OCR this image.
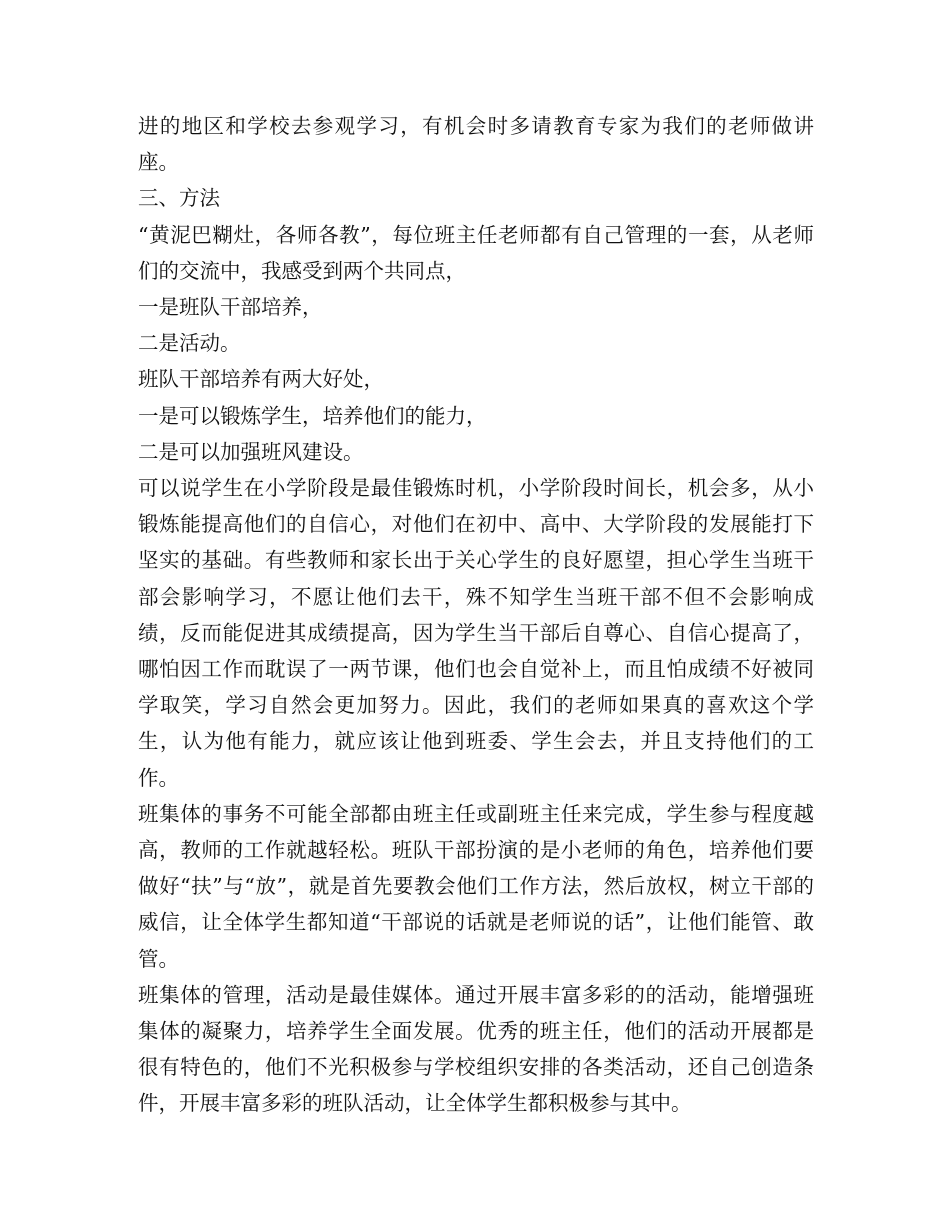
进的地区和学校去参观学习，有机会时多请教育专家为我们的老师做讲座。

三、方法

“黄泥巴糊灶，各师各教”，每位班主任老师都有自己管理的一套，从老师们的交流中，我感受到两个共同点，

一是班队干部培养，

二是活动。

班队干部培养有两大好处，

一是可以锻炼学生，培养他们的能力，

二是可以加强班风建设。

可以说学生在小学阶段是最佳锻炼时机，小学阶段时间长，机会多，从小锻炼能提高他们的自信心，对他们在初中、高中、大学阶段的发展能打下坚实的基础。有些教师和家长出于关心学生的良好愿望，担心学生当班干部会影响学习，不愿让他们去干，殊不知学生当班干部不但不会影响成绩，反而能促进其成绩提高，因为学生当干部后自尊心、自信心提高了，哪怕因工作而耽误了一两节课，他们也会自觉补上，而且怕成绩不好被同学取笑，学习自然会更加努力。因此，我们的老师如果真的喜欢这个学生，认为他有能力，就应该让他到班委、学生会去，并且支持他们的工作。

班集体的事务不可能全部都由班主任或副班主任来完成，学生参与程度越高，教师的工作就越轻松。班队干部扮演的是小老师的角色，培养他们要做好“扶”与“放”，就是首先要教会他们工作方法，然后放权，树立干部的威信，让全体学生都知道“干部说的话就是老师说的话”，让他们能管、敢管。

班集体的管理，活动是最佳媒体。通过开展丰富多彩的的活动，能增强班集体的凝聚力，培养学生全面发展。优秀的班主任，他们的活动开展都是很有特色的，他们不光积极参与学校组织安排的各类活动，还自己创造条件，开展丰富多彩的班队活动，让全体学生都积极参与其中。
